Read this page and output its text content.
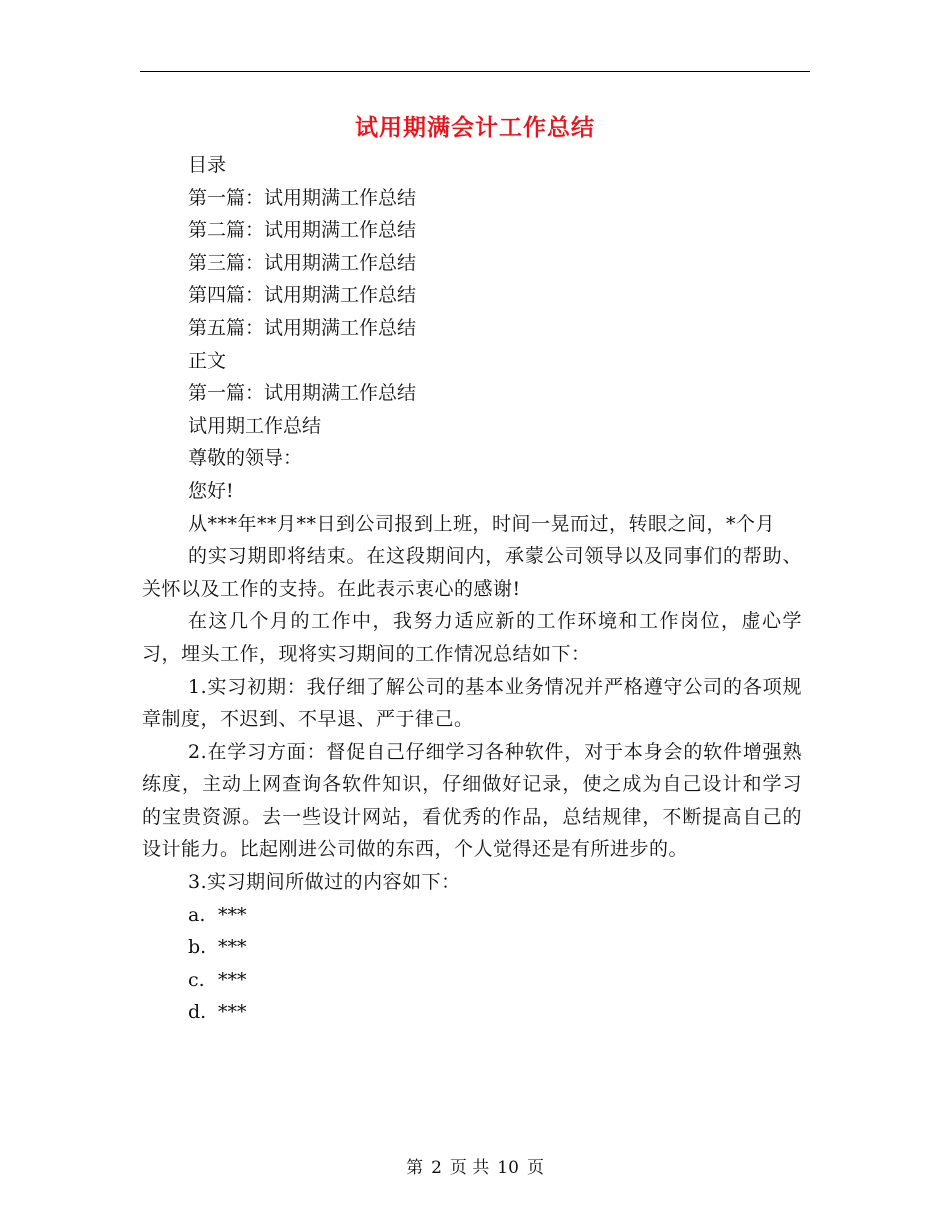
试用期满会计工作总结
目录
第一篇：试用期满工作总结
第二篇：试用期满工作总结
第三篇：试用期满工作总结
第四篇：试用期满工作总结
第五篇：试用期满工作总结
正文
第一篇：试用期满工作总结
试用期工作总结
尊敬的领导：
您好!
从***年**月**日到公司报到上班，时间一晃而过，转眼之间，*个月
的实习期即将结束。在这段期间内，承蒙公司领导以及同事们的帮助、关怀以及工作的支持。在此表示衷心的感谢!
在这几个月的工作中，我努力适应新的工作环境和工作岗位，虚心学习，埋头工作，现将实习期间的工作情况总结如下：
1.实习初期：我仔细了解公司的基本业务情况并严格遵守公司的各项规章制度，不迟到、不早退、严于律己。
2.在学习方面：督促自己仔细学习各种软件，对于本身会的软件增强熟练度，主动上网查询各软件知识，仔细做好记录，使之成为自己设计和学习的宝贵资源。去一些设计网站，看优秀的作品，总结规律，不断提高自己的设计能力。比起刚进公司做的东西，个人觉得还是有所进步的。
3.实习期间所做过的内容如下：
a. ***
b. ***
c. ***
d. ***
第 2 页 共 10 页
